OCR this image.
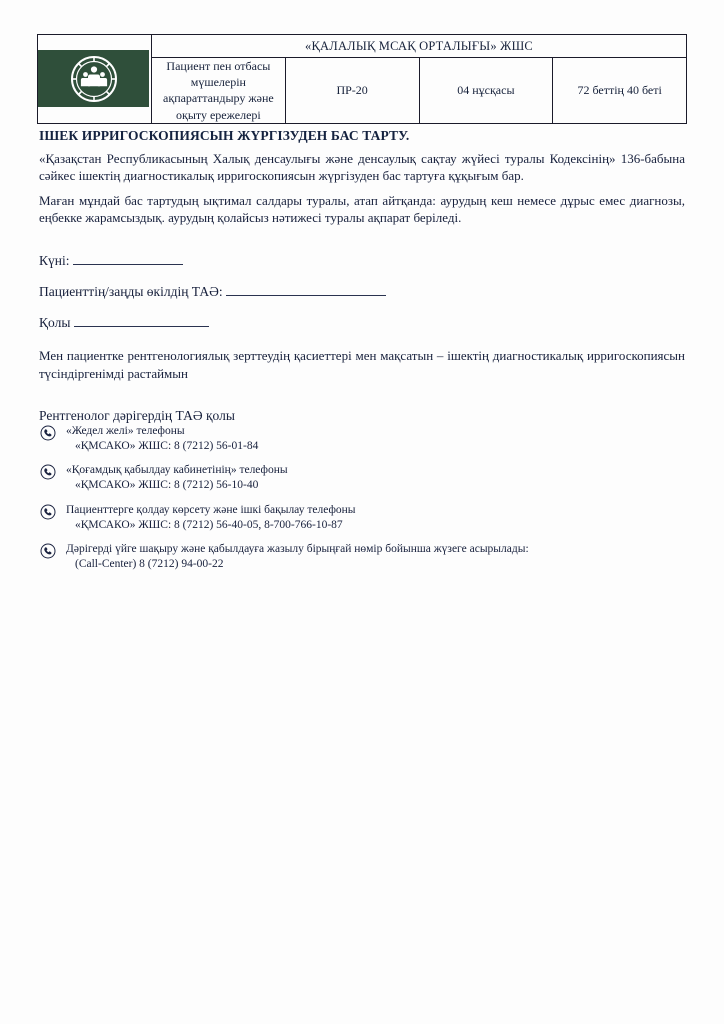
	«ҚАЛАЛЫҚ МСАҚ ОРТАЛЫҒЫ» ЖШС			
	Пациент пен отбасы мүшелерін
ақпараттандыру және оқыту ережелері	ПР-20	04 нұсқасы	72 беттің 40 беті
ІШЕК ИРРИГОСКОПИЯСЫН ЖҮРГІЗУДЕН БАС ТАРТУ.

«Қазақстан Республикасының Халық денсаулығы және денсаулық сақтау жүйесі туралы Кодексінің» 136-бабына сәйкес ішектің диагностикалық ирригоскопиясын жүргізуден бас тартуға құқығым бар.

Маған мұндай бас тартудың ықтимал салдары туралы, атап айтқанда: аурудың кеш немесе дұрыс емес диагнозы, еңбекке жарамсыздық. аурудың қолайсыз нәтижесі туралы ақпарат беріледі.

Күні:
Пациенттің/заңды өкілдің ТАӘ:
Қолы

Мен пациентке рентгенологиялық зерттеудің қасиеттері мен мақсатын – ішектің диагностикалық ирригоскопиясын түсіндіргенімді растаймын

Рентгенолог дәрігердің ТАӘ қолы
«Жедел желі» телефоны
«ҚМСАКО» ЖШС: 8 (7212) 56-01-84
«Қоғамдық қабылдау кабинетінің» телефоны
«ҚМСАКО» ЖШС: 8 (7212) 56-10-40
Пациенттерге қолдау көрсету және ішкі бақылау телефоны
«ҚМСАКО» ЖШС: 8 (7212) 56-40-05, 8-700-766-10-87
Дәрігерді үйге шақыру және қабылдауға жазылу бірыңғай нөмір бойынша жүзеге асырылады:
(Call-Center) 8 (7212) 94-00-22
